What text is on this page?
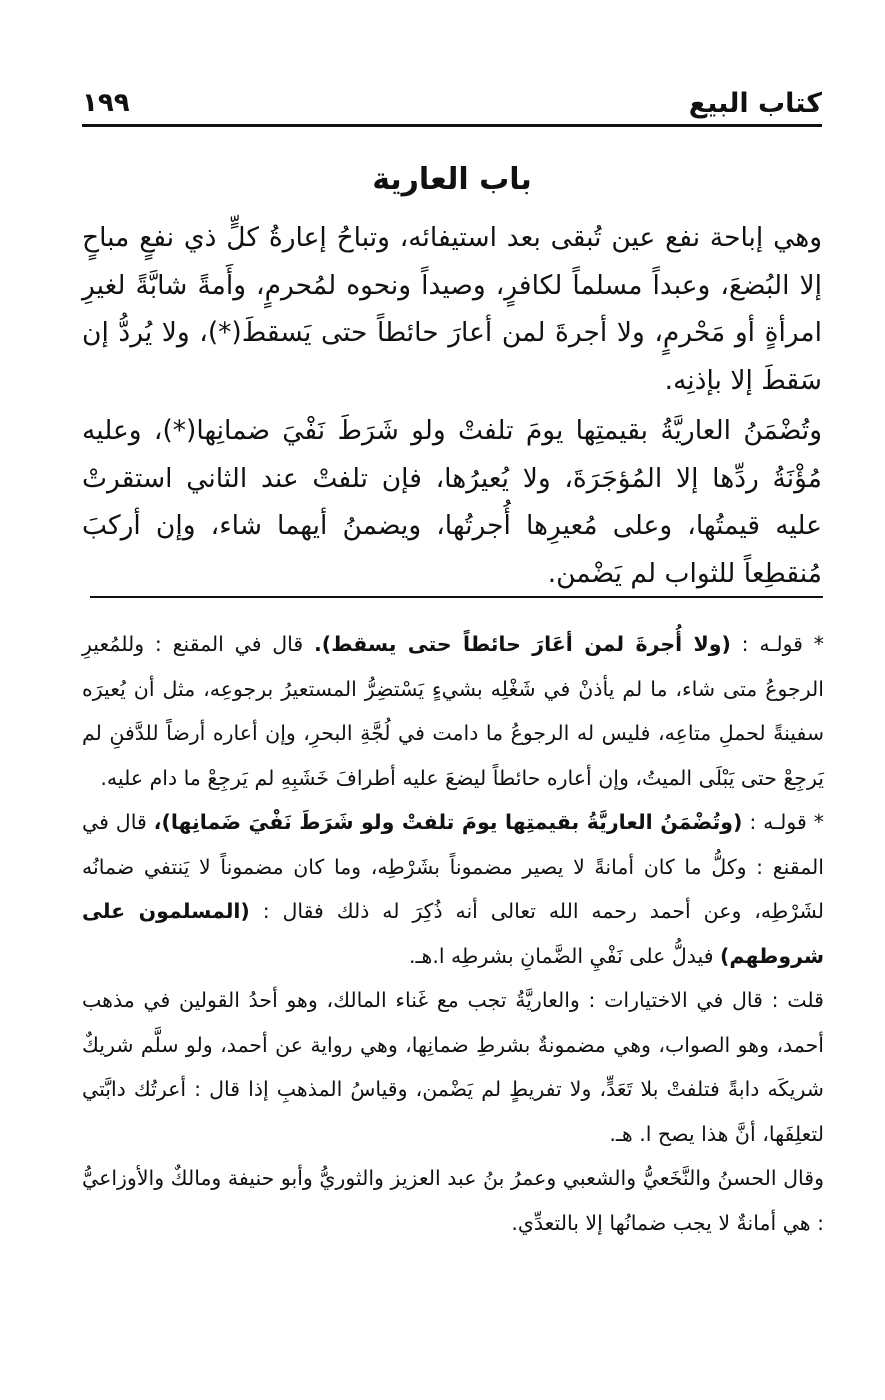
كتاب البيع
١٩٩
باب العارية

وهي إباحة نفع عين تُبقى بعد استيفائه، وتباحُ إعارةُ كلٍّ ذي نفعٍ مباحٍ إلا البُضعَ، وعبداً مسلماً لكافرٍ، وصيداً ونحوه لمُحرمٍ، وأَمةً شابَّةً لغيرِ امرأةٍ أو مَحْرمٍ، ولا أجرةَ لمن أعارَ حائطاً حتى يَسقطَ(*)، ولا يُردُّ إن سَقطَ إلا بإذنِه.

وتُضْمَنُ العاريَّةُ بقيمتِها يومَ تلفتْ ولو شَرَطَ نَفْيَ ضمانِها(*)، وعليه مُؤْنَةُ ردِّها إلا المُؤجَرَةَ، ولا يُعيرُها، فإن تلفتْ عند الثاني استقرتْ عليه قيمتُها، وعلى مُعيرِها أُجرتُها، ويضمنُ أيهما شاء، وإن أركبَ مُنقطِعاً للثواب لم يَضْمن.

* قولـه : (ولا أُجرةَ لمن أعَارَ حائطاً حتى يسقط). قال في المقنع : وللمُعيرِ الرجوعُ متى شاء، ما لم يأذنْ في شَغْلِه بشيءٍ يَسْتضِرُّ المستعيرُ برجوعِه، مثل أن يُعيرَه سفينةً لحملِ متاعِه، فليس له الرجوعُ ما دامت في لُجَّةِ البحرِ، وإن أعاره أرضاً للدَّفنِ لم يَرجِعْ حتى يَبْلَى الميتُ، وإن أعاره حائطاً ليضعَ عليه أطرافَ خَشَبِهِ لم يَرجِعْ ما دام عليه.

* قولـه : (وتُضْمَنُ العاريَّةُ بقيمتِها يومَ تلفتْ ولو شَرَطَ نَفْيَ ضَمانِها)، قال في المقنع : وكلُّ ما كان أمانةً لا يصير مضموناً بشَرْطِه، وما كان مضموناً لا يَنتفي ضمانُه لشَرْطِه، وعن أحمد رحمه الله تعالى أنه ذُكِرَ له ذلك فقال : (المسلمون على شروطهم) فيدلُّ على نَفْيِ الضَّمانِ بشرطِه ا.هـ.

قلت : قال في الاختيارات : والعاريَّةُ تجب مع غَناء المالك، وهو أحدُ القولين في مذهب أحمد، وهو الصواب، وهي مضمونةٌ بشرطِ ضمانِها، وهي رواية عن أحمد، ولو سلَّم شريكٌ شريكَه دابةً فتلفتْ بلا تَعَدٍّ، ولا تفريطٍ لم يَضْمن، وقياسُ المذهبِ إذا قال : أعرتُك دابَّتي لتعلِفَها، أنَّ هذا يصح ا. هـ.

وقال الحسنُ والنَّخَعيُّ والشعبي وعمرُ بنُ عبد العزيز والثوريُّ وأبو حنيفة ومالكٌ والأوزاعيُّ : هي أمانةٌ لا يجب ضمانُها إلا بالتعدِّي.
